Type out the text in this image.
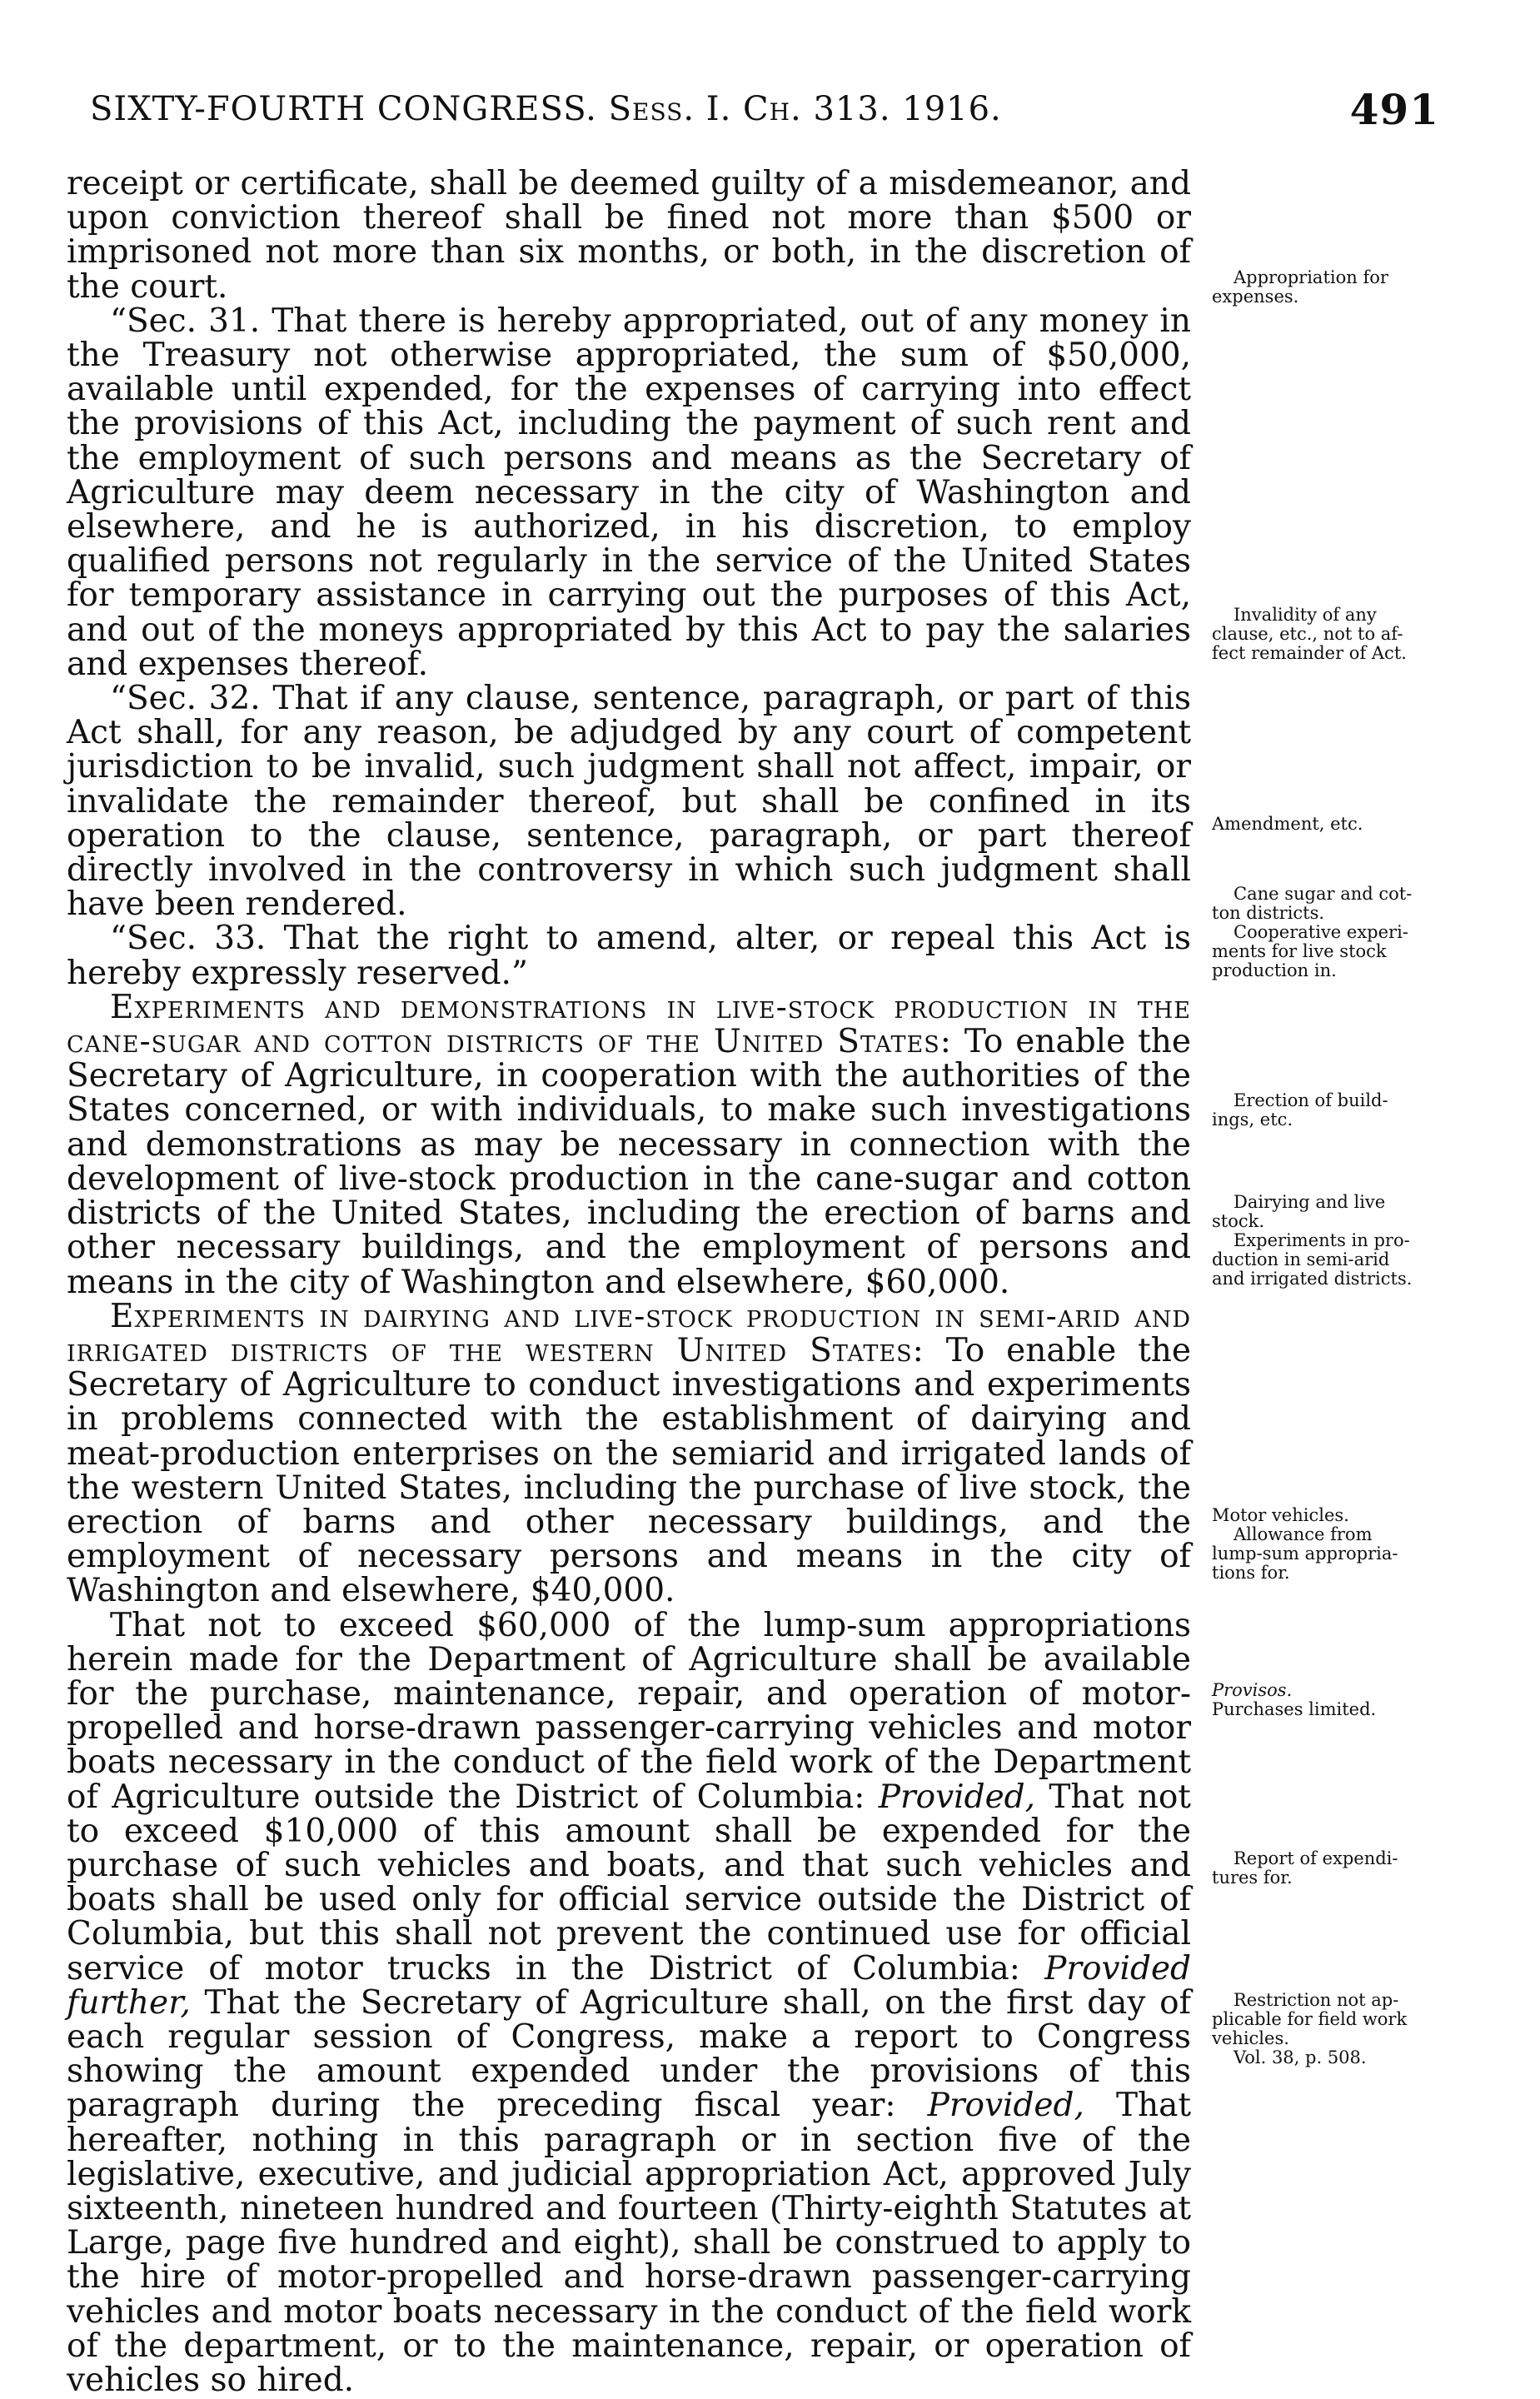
SIXTY-FOURTH CONGRESS. Sess. I. Ch. 313. 1916.	491

receipt or certificate, shall be deemed guilty of a misdemeanor, and upon conviction thereof shall be fined not more than $500 or imprisoned not more than six months, or both, in the discretion of the court.

“Sec. 31. That there is hereby appropriated, out of any money in the Treasury not otherwise appropriated, the sum of $50,000, available until expended, for the expenses of carrying into effect the provisions of this Act, including the payment of such rent and the employment of such persons and means as the Secretary of Agriculture may deem necessary in the city of Washington and elsewhere, and he is authorized, in his discretion, to employ qualified persons not regularly in the service of the United States for temporary assistance in carrying out the purposes of this Act, and out of the moneys appropriated by this Act to pay the salaries and expenses thereof.

“Sec. 32. That if any clause, sentence, paragraph, or part of this Act shall, for any reason, be adjudged by any court of competent jurisdiction to be invalid, such judgment shall not affect, impair, or invalidate the remainder thereof, but shall be confined in its operation to the clause, sentence, paragraph, or part thereof directly involved in the controversy in which such judgment shall have been rendered.

“Sec. 33. That the right to amend, alter, or repeal this Act is hereby expressly reserved.”

Experiments and demonstrations in live-stock production in the cane-sugar and cotton districts of the United States: To enable the Secretary of Agriculture, in cooperation with the authorities of the States concerned, or with individuals, to make such investigations and demonstrations as may be necessary in connection with the development of live-stock production in the cane-sugar and cotton districts of the United States, including the erection of barns and other necessary buildings, and the employment of persons and means in the city of Washington and elsewhere, $60,000.

Experiments in dairying and live-stock production in semi-arid and irrigated districts of the western United States: To enable the Secretary of Agriculture to conduct investigations and experiments in problems connected with the establishment of dairying and meat-production enterprises on the semiarid and irrigated lands of the western United States, including the purchase of live stock, the erection of barns and other necessary buildings, and the employment of necessary persons and means in the city of Washington and elsewhere, $40,000.

That not to exceed $60,000 of the lump-sum appropriations herein made for the Department of Agriculture shall be available for the purchase, maintenance, repair, and operation of motor-propelled and horse-drawn passenger-carrying vehicles and motor boats necessary in the conduct of the field work of the Department of Agriculture outside the District of Columbia: Provided, That not to exceed $10,000 of this amount shall be expended for the purchase of such vehicles and boats, and that such vehicles and boats shall be used only for official service outside the District of Columbia, but this shall not prevent the continued use for official service of motor trucks in the District of Columbia: Provided further, That the Secretary of Agriculture shall, on the first day of each regular session of Congress, make a report to Congress showing the amount expended under the provisions of this paragraph during the preceding fiscal year: Provided, That hereafter, nothing in this paragraph or in section five of the legislative, executive, and judicial appropriation Act, approved July sixteenth, nineteen hundred and fourteen (Thirty-eighth Statutes at Large, page five hundred and eight), shall be construed to apply to the hire of motor-propelled and horse-drawn passenger-carrying vehicles and motor boats necessary in the conduct of the field work of the department, or to the maintenance, repair, or operation of vehicles so hired.

Appropriation for
expenses.
Invalidity of any
clause, etc., not to af-
fect remainder of Act.
Amendment, etc.
Cane sugar and cot-
ton districts.
Cooperative experi-
ments for live stock
production in.
Erection of build-
ings, etc.
Dairying and live
stock.
Experiments in pro-
duction in semi-arid
and irrigated districts.
Motor vehicles.
Allowance from
lump-sum appropria-
tions for.
Provisos.
Purchases limited.
Report of expendi-
tures for.
Restriction not ap-
plicable for field work
vehicles.
Vol. 38, p. 508.
